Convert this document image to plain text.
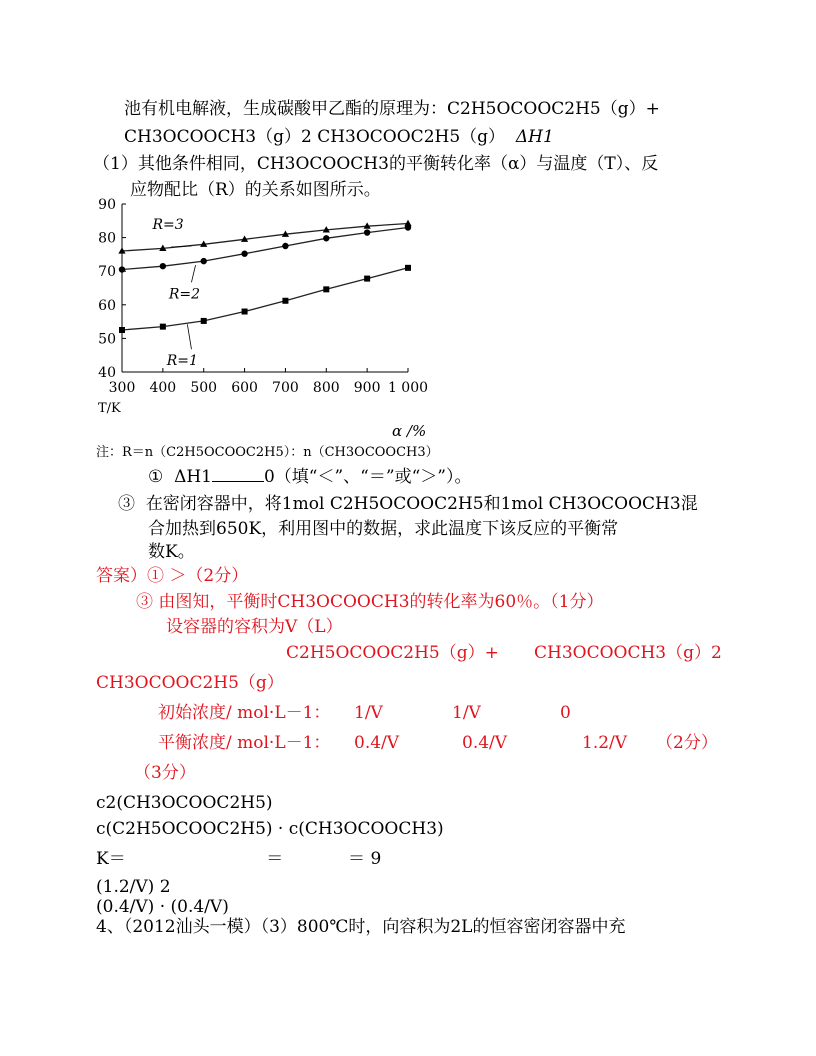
池有机电解液，生成碳酸甲乙酯的原理为：C2H5OCOOC2H5（g）+
CH3OCOOCH3（g）2 CH3OCOOC2H5（g） ΔH1
（1）其他条件相同，CH3OCOOCH3的平衡转化率（α）与温度（T）、反
应物配比（R）的关系如图所示。
40
50
60
70
80
90
300 400 500 600 700 800 900 1 000
R=3
R=2
R=1
T/K
α /%
注：R＝n（C2H5OCOOC2H5）：n（CH3OCOOCH3）
① ΔH1	0（填“＜”、“＝”或“＞”）。
③ 在密闭容器中，将1mol C2H5OCOOC2H5和1mol CH3OCOOCH3混
合加热到650K，利用图中的数据，求此温度下该反应的平衡常
数K。
答案）① ＞（2分）
③ 由图知，平衡时CH3OCOOCH3的转化率为60％。（1分）
设容器的容积为V（L）
C2H5OCOOC2H5（g）+ CH3OCOOCH3（g）2
CH3OCOOC2H5（g）
初始浓度/ mol·L－1： 1/V	1/V	0
平衡浓度/ mol·L－1： 0.4/V	0.4/V	1.2/V （2分）
（3分）
c2(CH3OCOOC2H5)
c(C2H5OCOOC2H5) · c(CH3OCOOCH3)
K＝                          ＝            ＝ 9
(1.2/V) 2
(0.4/V) · (0.4/V)
4、（2012汕头一模）（3）800℃时，向容积为2L的恒容密闭容器中充
